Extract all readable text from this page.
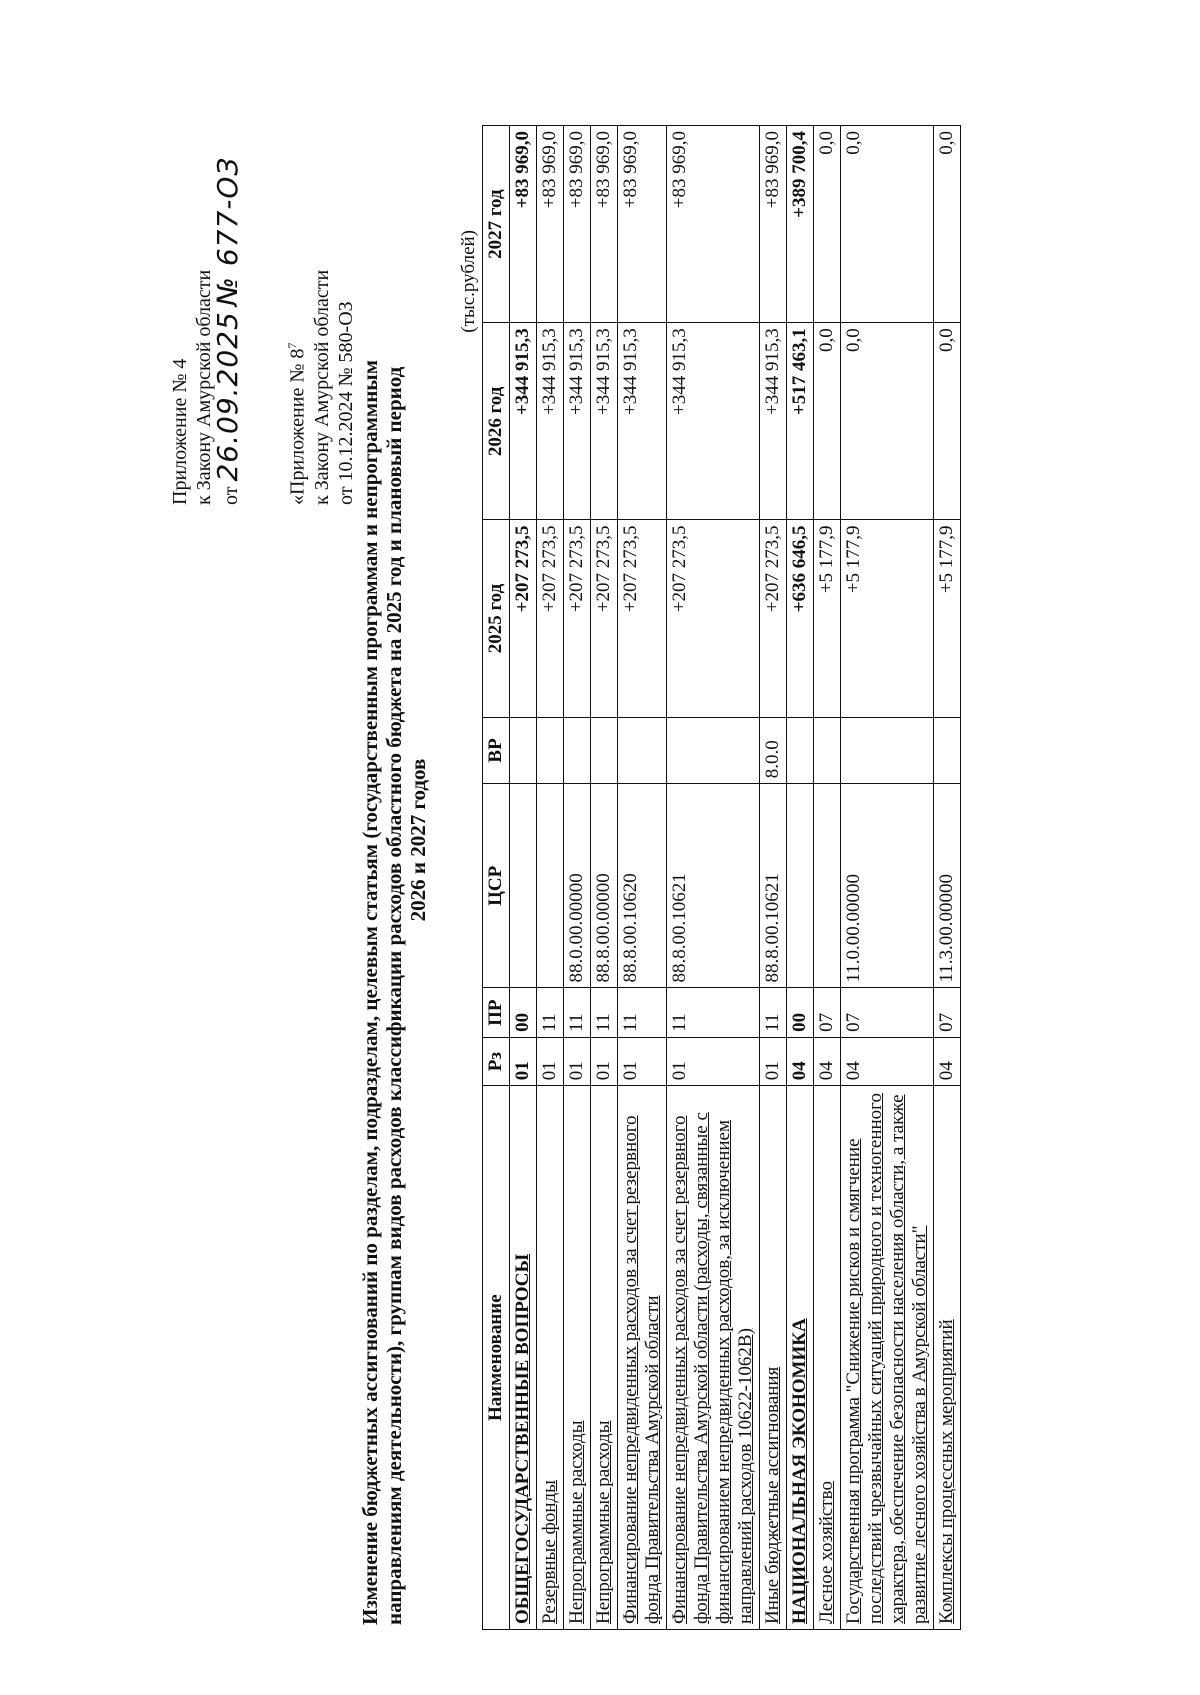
Приложение № 4 к Закону Амурской области от 26.09.2025 № 677-ОЗ
«Приложение № $8^7$ к Закону Амурской области от 10.12.2024 № 580-ОЗ Изменение бюджетных ассигнований по разделам, подразделам, целевым статьям (государственным программам и непрограммным
направлениям деятельности), группам видов расходов классификации расходов областного бюджета на 2025 год и плановый период 2026 и 2027 годов
(тыс.рублей)
Наименование	Рз	ПР	ЦСР	ВР	2025 год	2026 год	2027 год
ОБЩЕГОСУДАРСТВЕННЫЕ ВОПРОСЫ	01	00			+207 273,5	+344 915,3	+83 969,0
Резервные фонды	01	11			+207 273,5	+344 915,3	+83 969,0
Непрограммные расходы	01	11	88.0.00.00000		+207 273,5	+344 915,3	+83 969,0
Непрограммные расходы	01	11	88.8.00.00000		+207 273,5	+344 915,3	+83 969,0
Финансирование непредвиденных расходов за счет резервного фонда Правительства Амурской области	01	11	88.8.00.10620		+207 273,5	+344 915,3	+83 969,0
Финансирование непредвиденных расходов за счет резервного фонда Правительства Амурской области (расходы, связанные с финансированием непредвиденных расходов, за исключением направлений расходов 10622-1062В)	01	11	88.8.00.10621		+207 273,5	+344 915,3	+83 969,0
Иные бюджетные ассигнования	01	11	88.8.00.10621	8.0.0	+207 273,5	+344 915,3	+83 969,0
НАЦИОНАЛЬНАЯ ЭКОНОМИКА	04	00			+636 646,5	+517 463,1	+389 700,4
Лесное хозяйство	04	07			+5 177,9	0,0	0,0
Государственная программа "Снижение рисков и смягчение последствий чрезвычайных ситуаций природного и техногенного характера, обеспечение безопасности населения области, а также развитие лесного хозяйства в Амурской области"	04	07	11.0.00.00000		+5 177,9	0,0	0,0
Комплексы процессных мероприятий	04	07	11.3.00.00000		+5 177,9	0,0	0,0
